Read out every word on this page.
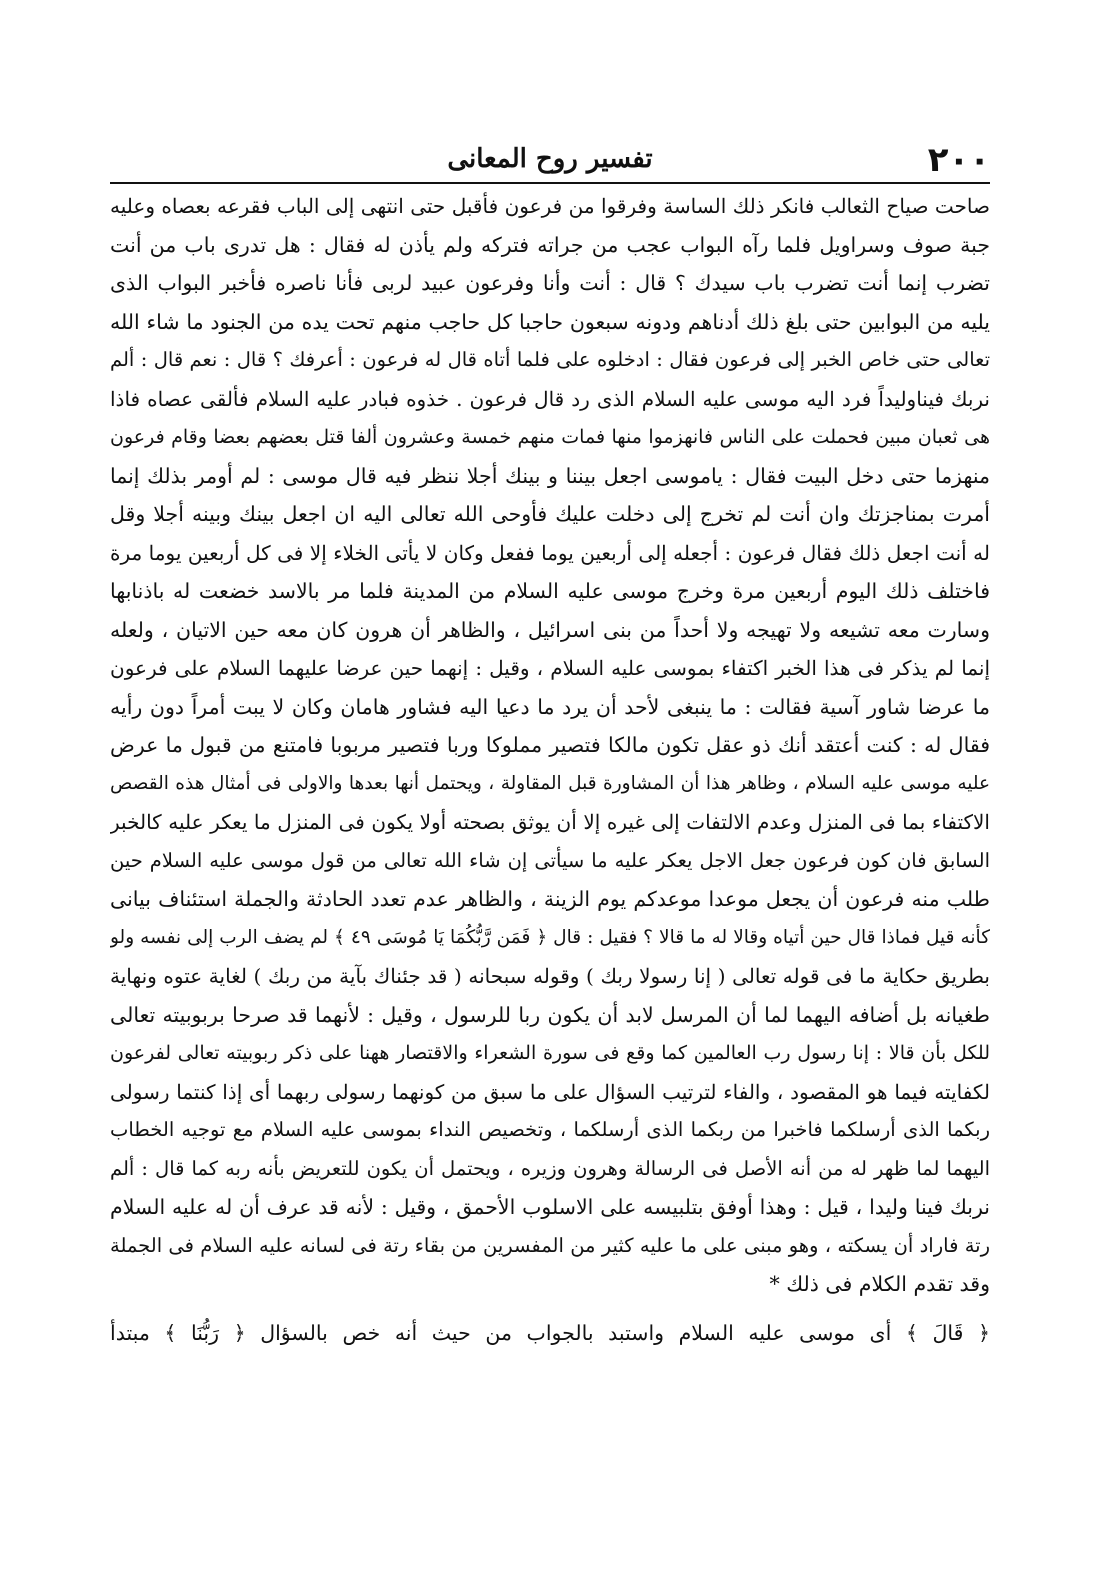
٢٠٠
تفسير روح المعانى
صاحت صياح الثعالب فانكر ذلك الساسة وفرقوا من فرعون فأقبل حتى انتهى إلى الباب فقرعه بعصاه وعليه
جبة صوف وسراويل فلما رآه البواب عجب من جراته فتركه ولم يأذن له فقال : هل تدرى باب من أنت
تضرب إنما أنت تضرب باب سيدك ؟ قال : أنت وأنا وفرعون عبيد لربى فأنا ناصره فأخبر البواب الذى
يليه من البوابين حتى بلغ ذلك أدناهم ودونه سبعون حاجبا كل حاجب منهم تحت يده من الجنود ما شاء الله
تعالى حتى خاص الخبر إلى فرعون فقال : ادخلوه على فلما أتاه قال له فرعون : أعرفك ؟ قال : نعم قال : ألم
نربك فيناوليداً فرد اليه موسى عليه السلام الذى رد قال فرعون . خذوه فبادر عليه السلام فألقى عصاه فاذا
هى ثعبان مبين فحملت على الناس فانهزموا منها فمات منهم خمسة وعشرون ألفا قتل بعضهم بعضا وقام فرعون
منهزما حتى دخل البيت فقال : ياموسى اجعل بيننا و بينك أجلا ننظر فيه قال موسى : لم أومر بذلك إنما
أمرت بمناجزتك وان أنت لم تخرج إلى دخلت عليك فأوحى الله تعالى اليه ان اجعل بينك وبينه أجلا وقل
له أنت اجعل ذلك فقال فرعون : أجعله إلى أربعين يوما ففعل وكان لا يأتى الخلاء إلا فى كل أربعين يوما مرة
فاختلف ذلك اليوم أربعين مرة وخرج موسى عليه السلام من المدينة فلما مر بالاسد خضعت له باذنابها
وسارت معه تشيعه ولا تهيجه ولا أحداً من بنى اسرائيل ، والظاهر أن هرون كان معه حين الاتيان ، ولعله
إنما لم يذكر فى هذا الخبر اكتفاء بموسى عليه السلام ، وقيل : إنهما حين عرضا عليهما السلام على فرعون
ما عرضا شاور آسية فقالت : ما ينبغى لأحد أن يرد ما دعيا اليه فشاور هامان وكان لا يبت أمراً دون رأيه
فقال له : كنت أعتقد أنك ذو عقل تكون مالكا فتصير مملوكا وربا فتصير مربوبا فامتنع من قبول ما عرض
عليه موسى عليه السلام ، وظاهر هذا أن المشاورة قبل المقاولة ، ويحتمل أنها بعدها والاولى فى أمثال هذه القصص
الاكتفاء بما فى المنزل وعدم الالتفات إلى غيره إلا أن يوثق بصحته أولا يكون فى المنزل ما يعكر عليه كالخبر
السابق فان كون فرعون جعل الاجل يعكر عليه ما سيأتى إن شاء الله تعالى من قول موسى عليه السلام حين
طلب منه فرعون أن يجعل موعدا موعدكم يوم الزينة ، والظاهر عدم تعدد الحادثة والجملة استئناف بيانى
كأنه قيل فماذا قال حين أتياه وقالا له ما قالا ؟ فقيل : قال ﴿ فَمَن رَّبُّكُمَا يَا مُوسَى ٤٩ ﴾ لم يضف الرب إلى نفسه ولو
بطريق حكاية ما فى قوله تعالى ( إنا رسولا ربك ) وقوله سبحانه ( قد جئناك بآية من ربك ) لغاية عتوه ونهاية
طغيانه بل أضافه اليهما لما أن المرسل لابد أن يكون ربا للرسول ، وقيل : لأنهما قد صرحا بربوبيته تعالى
للكل بأن قالا : إنا رسول رب العالمين كما وقع فى سورة الشعراء والاقتصار ههنا على ذكر ربوبيته تعالى لفرعون
لكفايته فيما هو المقصود ، والفاء لترتيب السؤال على ما سبق من كونهما رسولى ربهما أى إذا كنتما رسولى
ربكما الذى أرسلكما فاخبرا من ربكما الذى أرسلكما ، وتخصيص النداء بموسى عليه السلام مع توجيه الخطاب
اليهما لما ظهر له من أنه الأصل فى الرسالة وهرون وزيره ، ويحتمل أن يكون للتعريض بأنه ربه كما قال : ألم
نربك فينا وليدا ، قيل : وهذا أوفق بتلبيسه على الاسلوب الأحمق ، وقيل : لأنه قد عرف أن له عليه السلام
رتة فاراد أن يسكته ، وهو مبنى على ما عليه كثير من المفسرين من بقاء رتة فى لسانه عليه السلام فى الجملة
وقد تقدم الكلام فى ذلك *
﴿ قَالَ ﴾ أى موسى عليه السلام واستبد بالجواب من حيث أنه خص بالسؤال ﴿ رَبُّنَا ﴾ مبتدأ
